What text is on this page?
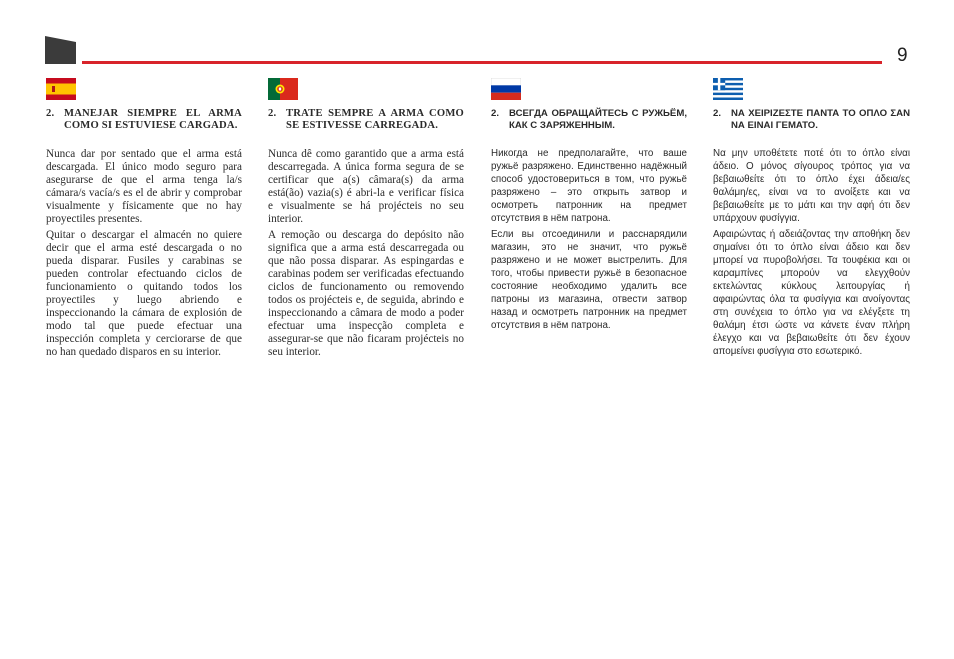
9
2. MANEJAR SIEMPRE EL ARMA COMO SI ESTUVIESE CARGADA.

Nunca dar por sentado que el arma está descargada. El único modo seguro para asegurarse de que el arma tenga la/s cámara/s vacía/s es el de abrir y comprobar visualmente y físicamente que no hay proyectiles presentes.

Quitar o descargar el almacén no quiere decir que el arma esté descargada o no pueda disparar. Fusiles y carabinas se pueden controlar efectuando ciclos de funcionamiento o quitando todos los proyectiles y luego abriendo e inspeccionando la cámara de explosión de modo tal que puede efectuar una inspección completa y cerciorarse de que no han quedado disparos en su interior.

2. TRATE SEMPRE A ARMA COMO SE ESTIVESSE CARREGADA.

Nunca dê como garantido que a arma está descarregada. A única forma segura de se certificar que a(s) câmara(s) da arma está(ão) vazia(s) é abri-la e verificar física e visualmente se há projécteis no seu interior.

A remoção ou descarga do depósito não significa que a arma está descarregada ou que não possa disparar. As espingardas e carabinas podem ser verificadas efectuando ciclos de funcionamento ou removendo todos os projécteis e, de seguida, abrindo e inspeccionando a câmara de modo a poder efectuar uma inspecção completa e assegurar-se que não ficaram projécteis no seu interior.

2. ВСЕГДА ОБРАЩАЙТЕСЬ С РУЖЬЁМ, КАК С ЗАРЯЖЕННЫМ.

Никогда не предполагайте, что ваше ружьё разряжено. Единственно надёжный способ удостовериться в том, что ружьё разряжено – это открыть затвор и осмотреть патронник на предмет отсутствия в нём патрона.

Если вы отсоединили и расснарядили магазин, это не значит, что ружьё разряжено и не может выстрелить. Для того, чтобы привести ружьё в безопасное состояние необходимо удалить все патроны из магазина, отвести затвор назад и осмотреть патронник на предмет отсутствия в нём патрона.

2. ΝΑ ΧΕΙΡΙΖΕΣΤΕ ΠΑΝΤΑ ΤΟ ΟΠΛΟ ΣΑΝ ΝΑ ΕΙΝΑΙ ΓΕΜΑΤΟ.

Να μην υποθέτετε ποτέ ότι το όπλο είναι άδειο. Ο μόνος σίγουρος τρόπος για να βεβαιωθείτε ότι το όπλο έχει άδεια/ες θαλάμη/ες, είναι να το ανοίξετε και να βεβαιωθείτε με το μάτι και την αφή ότι δεν υπάρχουν φυσίγγια.

Αφαιρώντας ή αδειάζοντας την αποθήκη δεν σημαίνει ότι το όπλο είναι άδειο και δεν μπορεί να πυροβολήσει. Τα τουφέκια και οι καραμπίνες μπορούν να ελεγχθούν εκτελώντας κύκλους λειτουργίας ή αφαιρώντας όλα τα φυσίγγια και ανοίγοντας στη συνέχεια το όπλο για να ελέγξετε τη θαλάμη έτσι ώστε να κάνετε έναν πλήρη έλεγχο και να βεβαιωθείτε ότι δεν έχουν απομείνει φυσίγγια στο εσωτερικό.
